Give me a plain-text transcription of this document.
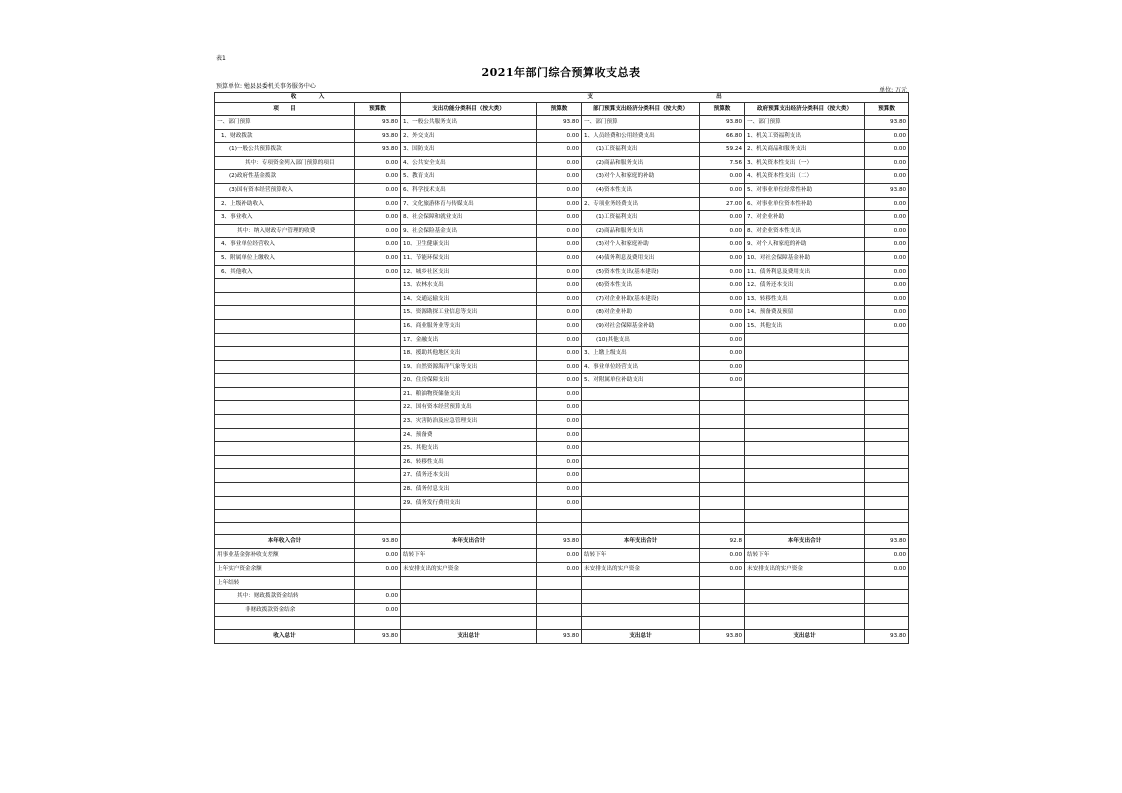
表1
2021年部门综合预算收支总表
预算单位: 勉县县委机关事务服务中心
单位: 万元
收　　　　入		支　　　　　　　　　　　　　　　　　　　　　　出					
项　　目	预算数	支出功能分类科目（按大类）	预算数	部门预算支出经济分类科目（按大类）	预算数	政府预算支出经济分类科目（按大类）	预算数
一、部门预算	93.80	1、一般公共服务支出	93.80	一、部门预算	93.80	一、部门预算	93.80
1、财政拨款	93.80	2、外交支出	0.00	1、人员经费和公用经费支出	66.80	1、机关工资福利支出	0.00
(1)一般公共预算拨款	93.80	3、国防支出	0.00	(1)工资福利支出	59.24	2、机关商品和服务支出	0.00
其中：专项资金列入部门预算的项目	0.00	4、公共安全支出	0.00	(2)商品和服务支出	7.56	3、机关资本性支出（一）	0.00
(2)政府性基金拨款	0.00	5、教育支出	0.00	(3)对个人和家庭的补助	0.00	4、机关资本性支出（二）	0.00
(3)国有资本经营预算收入	0.00	6、科学技术支出	0.00	(4)资本性支出	0.00	5、对事业单位经常性补助	93.80
2、上级补助收入	0.00	7、文化旅游体育与传媒支出	0.00	2、专项业务经费支出	27.00	6、对事业单位资本性补助	0.00
3、事业收入	0.00	8、社会保障和就业支出	0.00	(1)工资福利支出	0.00	7、对企业补助	0.00
其中：纳入财政专户管理的收费	0.00	9、社会保险基金支出	0.00	(2)商品和服务支出	0.00	8、对企业资本性支出	0.00
4、事业单位经营收入	0.00	10、卫生健康支出	0.00	(3)对个人和家庭补助	0.00	9、对个人和家庭的补助	0.00
5、附属单位上缴收入	0.00	11、节能环保支出	0.00	(4)债务利息及费用支出	0.00	10、对社会保障基金补助	0.00
6、其他收入	0.00	12、城乡社区支出	0.00	(5)资本性支出(基本建设)	0.00	11、债务利息及费用支出	0.00
		13、农林水支出	0.00	(6)资本性支出	0.00	12、债务还本支出	0.00
		14、交通运输支出	0.00	(7)对企业补助(基本建设)	0.00	13、转移性支出	0.00
		15、资源勘探工业信息等支出	0.00	(8)对企业补助	0.00	14、预备费及预留	0.00
		16、商业服务业等支出	0.00	(9)对社会保障基金补助	0.00	15、其他支出	0.00
		17、金融支出	0.00	(10)其他支出	0.00		
		18、援助其他地区支出	0.00	3、上缴上级支出	0.00		
		19、自然资源海洋气象等支出	0.00	4、事业单位经营支出	0.00		
		20、住房保障支出	0.00	5、对附属单位补助支出	0.00		
		21、粮油物资储备支出	0.00				
		22、国有资本经营预算支出	0.00				
		23、灾害防治及应急管理支出	0.00				
		24、预备费	0.00				
		25、其他支出	0.00				
		26、转移性支出	0.00				
		27、债务还本支出	0.00				
		28、债务付息支出	0.00				
		29、债务发行费用支出	0.00				

本年收入合计	93.80	本年支出合计	93.80	本年支出合计	92.8	本年支出合计	93.80
用事业基金弥补收支差额	0.00	结转下年	0.00	结转下年	0.00	结转下年	0.00
上年实户资金余额	0.00	未安排支出的实户资金	0.00	未安排支出的实户资金	0.00	未安排支出的实户资金	0.00
上年结转							
其中：财政拨款资金结转	0.00						
非财政拨款资金结余	0.00						

收入总计	93.80	支出总计	93.80	支出总计	93.80	支出总计	93.80
